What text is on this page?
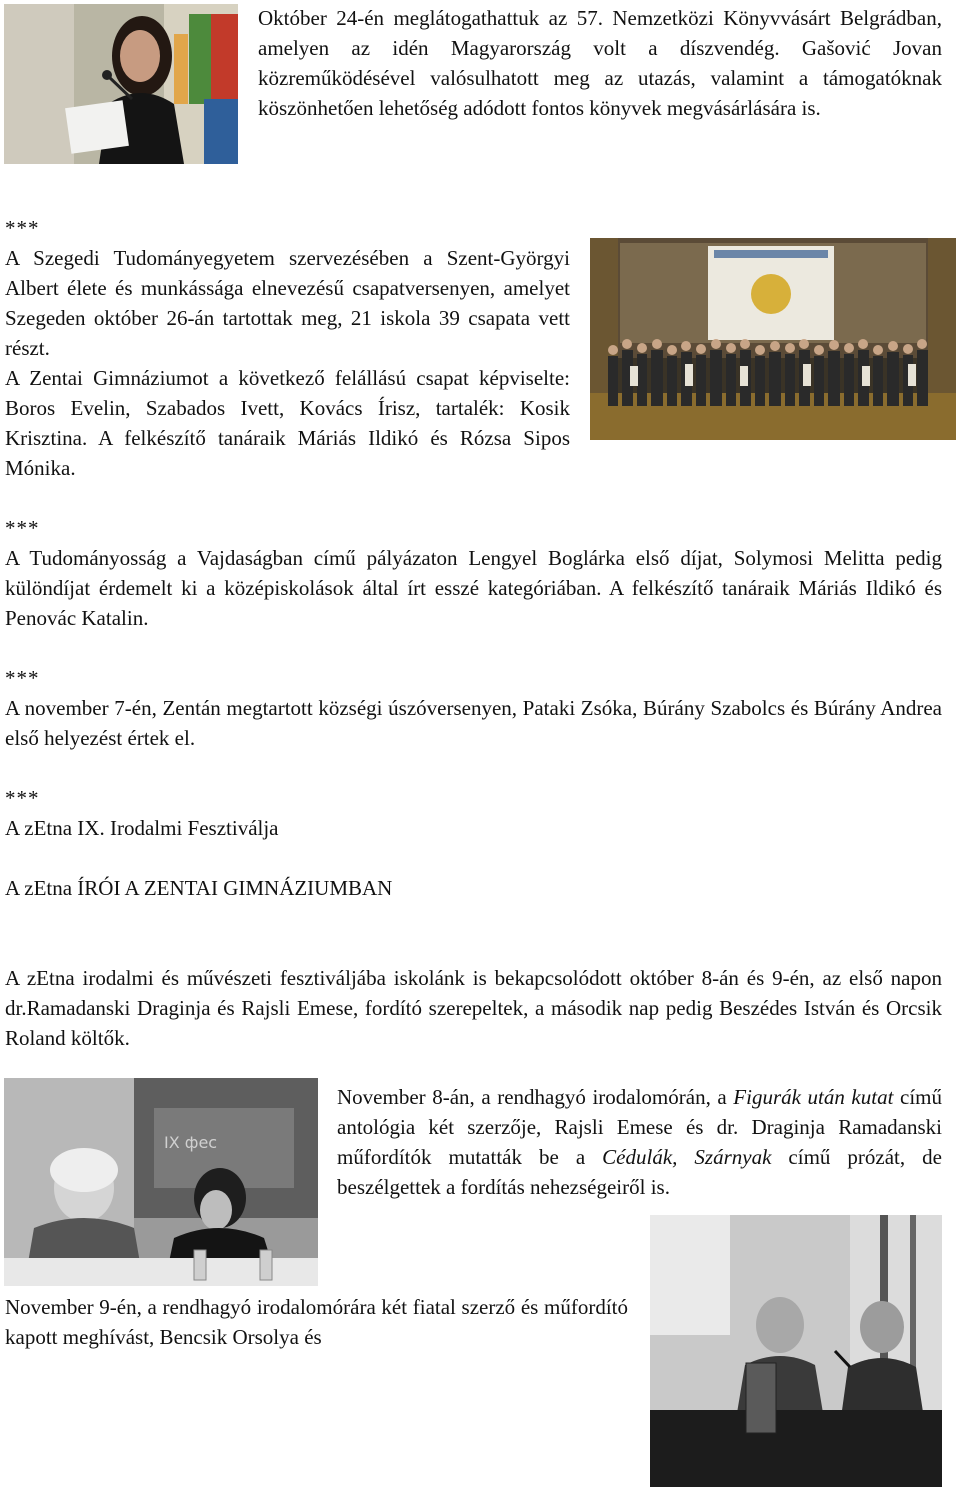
Október 24-én meglátogathattuk az 57. Nemzetközi Könyvvásárt Belgrádban, amelyen az idén Magyarország volt a díszvendég. Gašović Jovan közreműködésével valósulhatott meg az utazás, valamint a támogatóknak köszönhetően lehetőség adódott fontos könyvek megvásárlására is.
***
A Szegedi Tudományegyetem szervezésében a Szent-Györgyi Albert élete és munkássága elnevezésű csapatversenyen, amelyet Szegeden október 26-án tartottak meg, 21 iskola 39 csapata vett részt.
A Zentai Gimnáziumot a következő felállású csapat képviselte: Boros Evelin, Szabados Ivett, Kovács Írisz, tartalék: Kosik Krisztina. A felkészítő tanáraik Máriás Ildikó és Rózsa Sipos Mónika.
***
A Tudományosság a Vajdaságban című pályázaton Lengyel Boglárka első díjat, Solymosi Melitta pedig különdíjat érdemelt ki a középiskolások által írt esszé kategóriában. A felkészítő tanáraik Máriás Ildikó és Penovác Katalin.
***
A november 7-én, Zentán megtartott községi úszóversenyen, Pataki Zsóka, Búrány Szabolcs és Búrány Andrea első helyezést értek el.
***
A zEtna IX. Irodalmi Fesztiválja
A zEtna ÍRÓI A ZENTAI GIMNÁZIUMBAN
A zEtna irodalmi és művészeti fesztiváljába iskolánk is bekapcsolódott október 8-án és 9-én, az első napon dr.Ramadanski Draginja és Rajsli Emese, fordító szerepeltek, a második nap pedig Beszédes István és Orcsik Roland költők.
IX фес
November 8-án, a rendhagyó irodalomórán, a Figurák után kutat című antológia két szerzője, Rajsli Emese és dr. Draginja Ramadanski műfordítók mutatták be a Cédulák, Szárnyak című prózát, de beszélgettek a fordítás nehezségeiről is.
November 9-én, a rendhagyó irodalomórára két fiatal szerző és műfordító kapott meghívást, Bencsik Orsolya és
